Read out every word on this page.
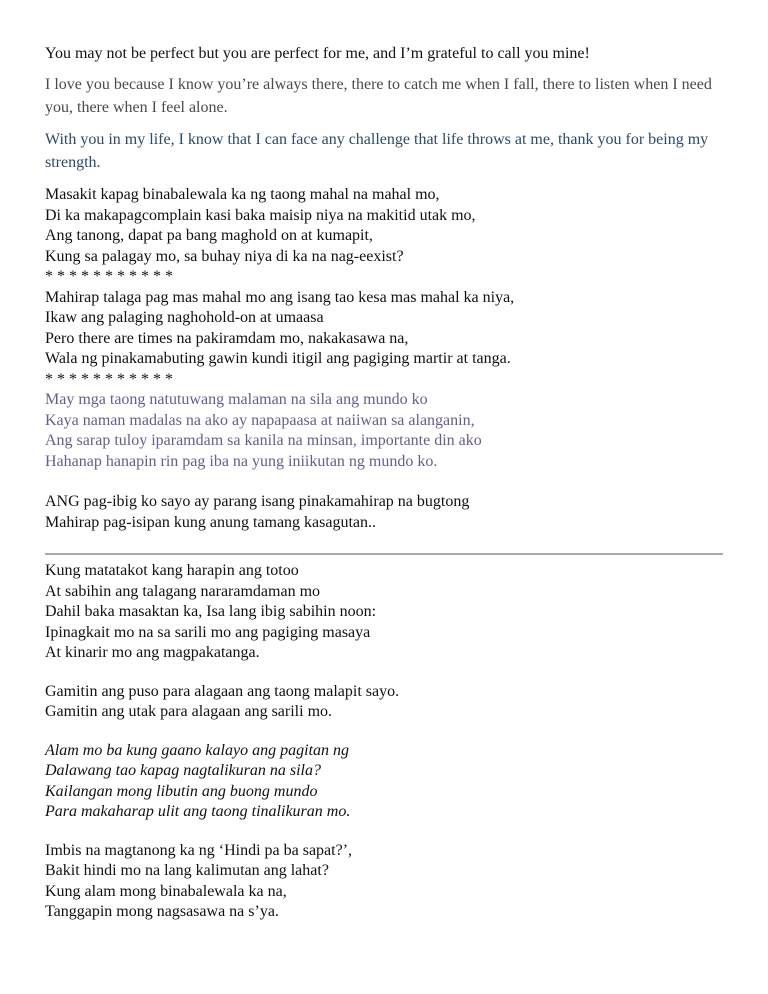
You may not be perfect but you are perfect for me, and I’m grateful to call you mine!

I love you because I know you’re always there, there to catch me when I fall, there to listen when I need you, there when I feel alone.

With you in my life, I know that I can face any challenge that life throws at me, thank you for being my strength.

Masakit kapag binabalewala ka ng taong mahal na mahal mo,
Di ka makapagcomplain kasi baka maisip niya na makitid utak mo,
Ang tanong, dapat pa bang maghold on at kumapit,
Kung sa palagay mo, sa buhay niya di ka na nag-eexist?
* * * * * * * * * * *
Mahirap talaga pag mas mahal mo ang isang tao kesa mas mahal ka niya,
Ikaw ang palaging naghohold-on at umaasa
Pero there are times na pakiramdam mo, nakakasawa na,
Wala ng pinakamabuting gawin kundi itigil ang pagiging martir at tanga.
* * * * * * * * * * *
May mga taong natutuwang malaman na sila ang mundo ko
Kaya naman madalas na ako ay napapaasa at naiiwan sa alanganin,
Ang sarap tuloy iparamdam sa kanila na minsan, importante din ako
Hahanap hanapin rin pag iba na yung iniikutan ng mundo ko.
ANG pag-ibig ko sayo ay parang isang pinakamahirap na bugtong
Mahirap pag-isipan kung anung tamang kasagutan..
Kung matatakot kang harapin ang totoo
At sabihin ang talagang nararamdaman mo
Dahil baka masaktan ka, Isa lang ibig sabihin noon:
Ipinagkait mo na sa sarili mo ang pagiging masaya
At kinarir mo ang magpakatanga.
Gamitin ang puso para alagaan ang taong malapit sayo.
Gamitin ang utak para alagaan ang sarili mo.
Alam mo ba kung gaano kalayo ang pagitan ng
Dalawang tao kapag nagtalikuran na sila?
Kailangan mong libutin ang buong mundo
Para makaharap ulit ang taong tinalikuran mo.
Imbis na magtanong ka ng ‘Hindi pa ba sapat?’,
Bakit hindi mo na lang kalimutan ang lahat?
Kung alam mong binabalewala ka na,
Tanggapin mong nagsasawa na s’ya.
